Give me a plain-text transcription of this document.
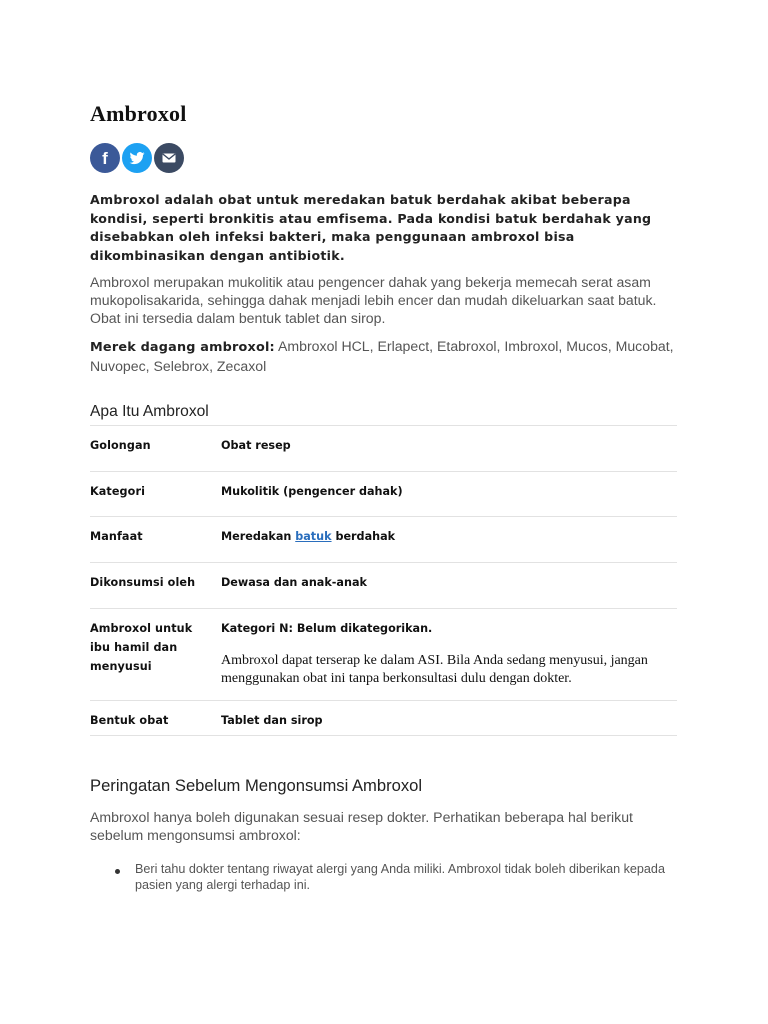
Ambroxol
f

Ambroxol adalah obat untuk meredakan batuk berdahak akibat beberapa kondisi, seperti bronkitis atau emfisema. Pada kondisi batuk berdahak yang disebabkan oleh infeksi bakteri, maka penggunaan ambroxol bisa dikombinasikan dengan antibiotik.

Ambroxol merupakan mukolitik atau pengencer dahak yang bekerja memecah serat asam mukopolisakarida, sehingga dahak menjadi lebih encer dan mudah dikeluarkan saat batuk. Obat ini tersedia dalam bentuk tablet dan sirop.

Merek dagang ambroxol: Ambroxol HCL, Erlapect, Etabroxol, Imbroxol, Mucos, Mucobat, Nuvopec, Selebrox, Zecaxol

Apa Itu Ambroxol
Golongan	Obat resep

Kategori	Mukolitik (pengencer dahak)

Manfaat	Meredakan batuk berdahak

Dikonsumsi oleh	Dewasa dan anak-anak

Ambroxol untuk ibu hamil dan menyusui	Kategori N: Belum dikategorikan.
Ambroxol dapat terserap ke dalam ASI. Bila Anda sedang menyusui, jangan menggunakan obat ini tanpa berkonsultasi dulu dengan dokter.

Bentuk obat	Tablet dan sirop
Peringatan Sebelum Mengonsumsi Ambroxol

Ambroxol hanya boleh digunakan sesuai resep dokter. Perhatikan beberapa hal berikut sebelum mengonsumsi ambroxol:

Beri tahu dokter tentang riwayat alergi yang Anda miliki. Ambroxol tidak boleh diberikan kepada pasien yang alergi terhadap ini.
